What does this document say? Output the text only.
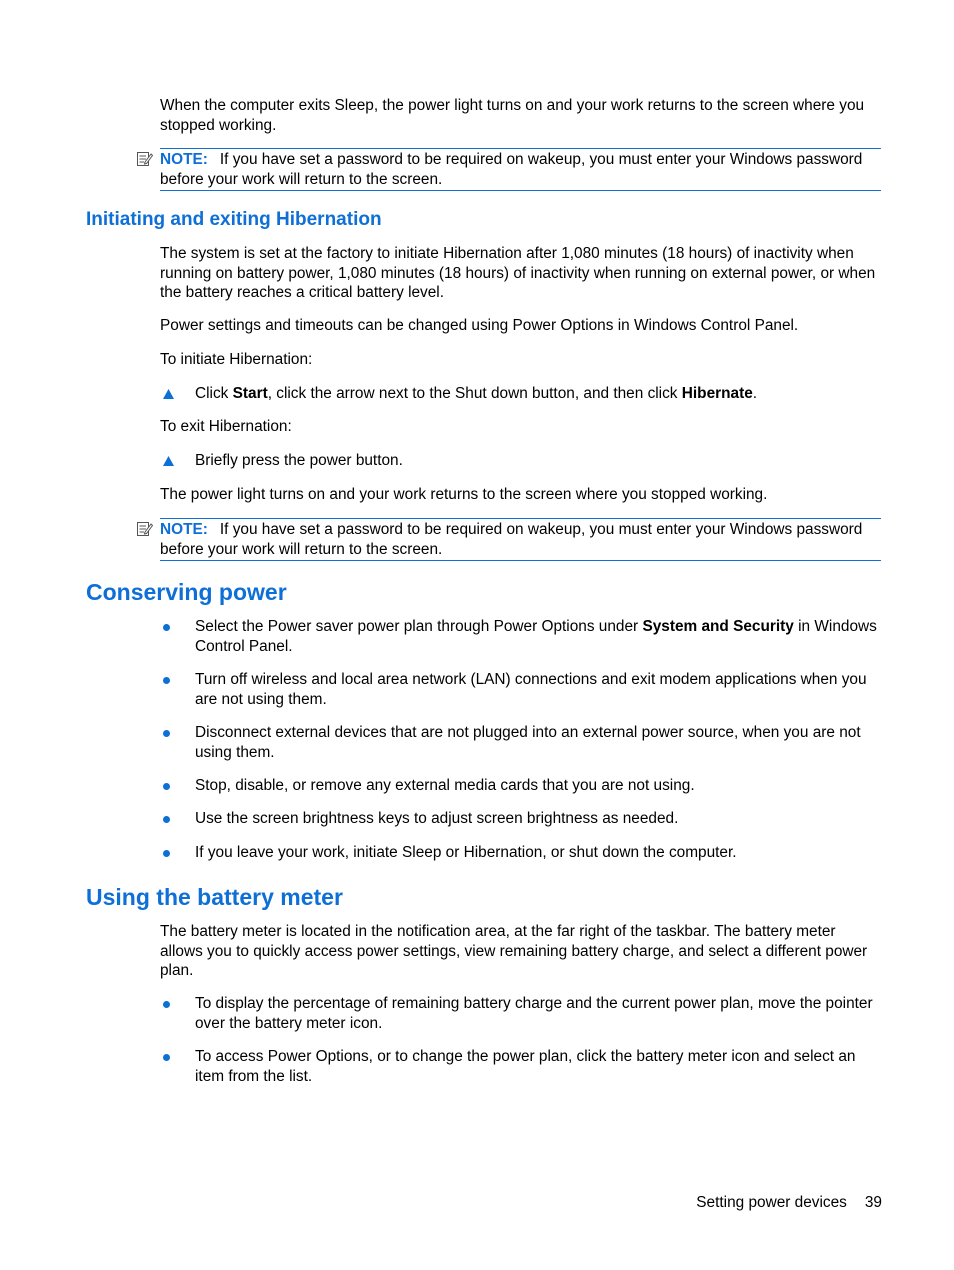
When the computer exits Sleep, the power light turns on and your work returns to the screen where you stopped working.

NOTE: If you have set a password to be required on wakeup, you must enter your Windows password before your work will return to the screen.
Initiating and exiting Hibernation

The system is set at the factory to initiate Hibernation after 1,080 minutes (18 hours) of inactivity when running on battery power, 1,080 minutes (18 hours) of inactivity when running on external power, or when the battery reaches a critical battery level.

Power settings and timeouts can be changed using Power Options in Windows Control Panel.

To initiate Hibernation:

Click Start, click the arrow next to the Shut down button, and then click Hibernate.

To exit Hibernation:

Briefly press the power button.

The power light turns on and your work returns to the screen where you stopped working.

NOTE: If you have set a password to be required on wakeup, you must enter your Windows password before your work will return to the screen.
Conserving power

Select the Power saver power plan through Power Options under System and Security in Windows Control Panel.

Turn off wireless and local area network (LAN) connections and exit modem applications when you are not using them.

Disconnect external devices that are not plugged into an external power source, when you are not using them.

Stop, disable, or remove any external media cards that you are not using.

Use the screen brightness keys to adjust screen brightness as needed.

If you leave your work, initiate Sleep or Hibernation, or shut down the computer.

Using the battery meter

The battery meter is located in the notification area, at the far right of the taskbar. The battery meter allows you to quickly access power settings, view remaining battery charge, and select a different power plan.

To display the percentage of remaining battery charge and the current power plan, move the pointer over the battery meter icon.

To access Power Options, or to change the power plan, click the battery meter icon and select an item from the list.

Setting power devices 39
